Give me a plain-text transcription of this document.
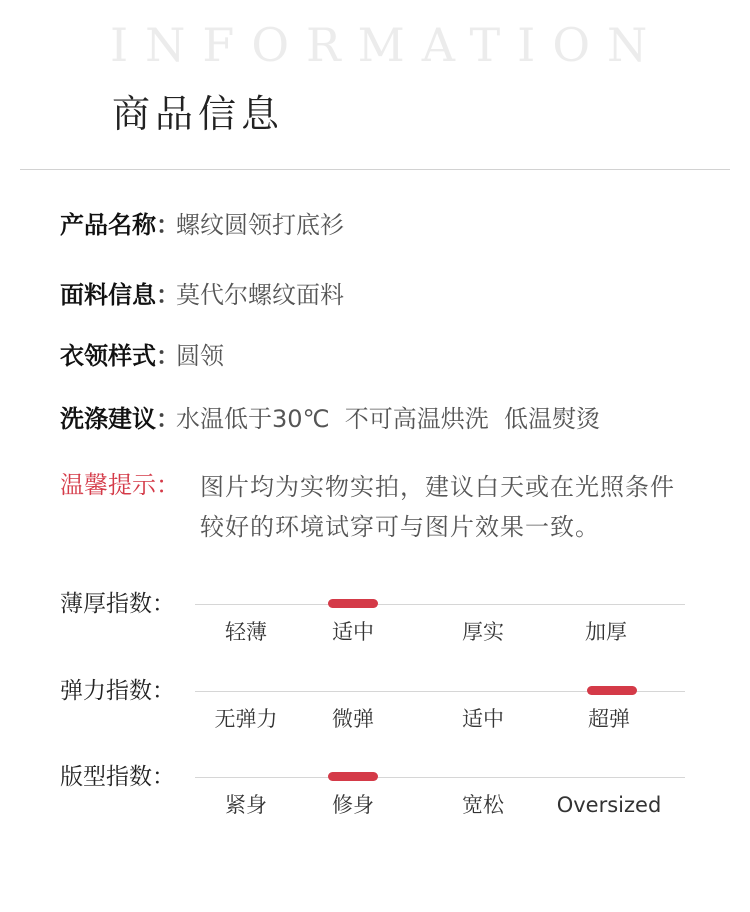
INFORMATION
商品信息
产品名称：螺纹圆领打底衫
面料信息：莫代尔螺纹面料
衣领样式：圆领
洗涤建议：水温低于30℃  不可高温烘洗  低温熨烫
温馨提示： 图片均为实物实拍，建议白天或在光照条件较好的环境试穿可与图片效果一致。
薄厚指数：
轻薄	适中	厚实	加厚
弹力指数：
无弹力	微弹	适中	超弹
版型指数：
紧身	修身	宽松	Oversized
